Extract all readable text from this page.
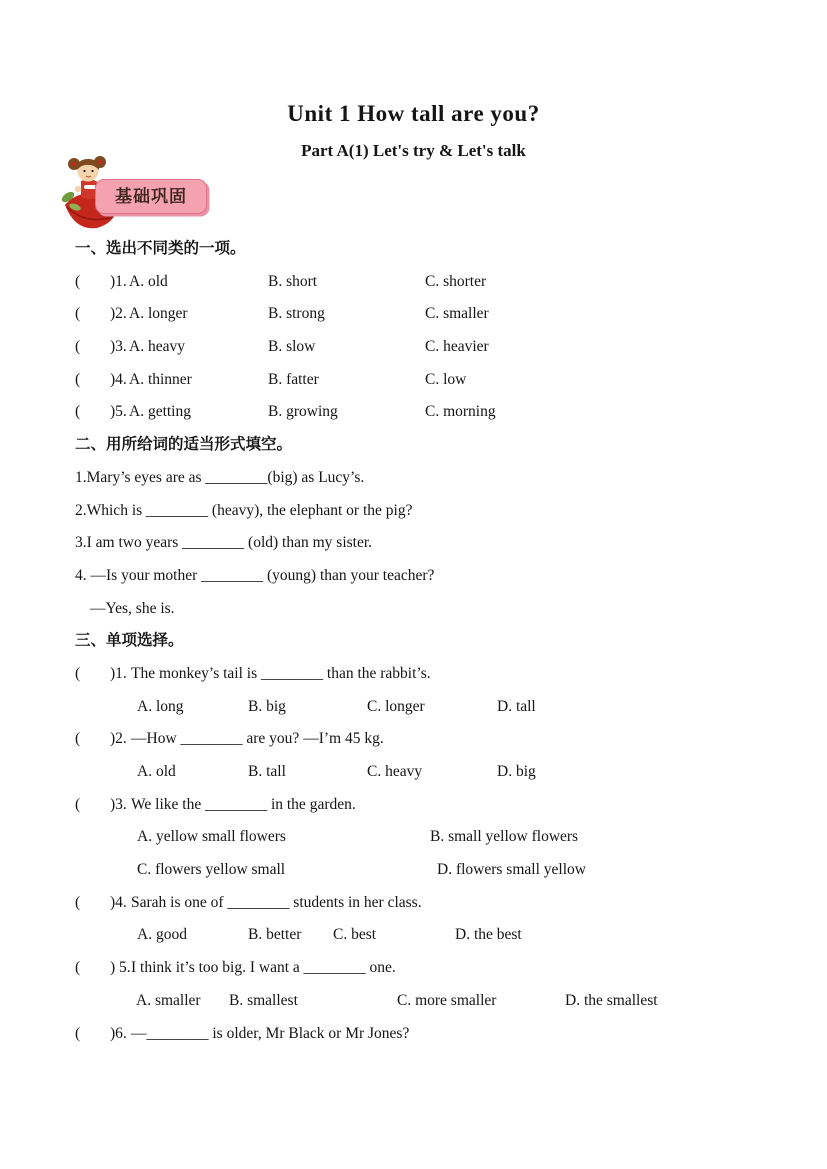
Unit 1 How tall are you?
Part A(1) Let's try & Let's talk
基础巩固
一、选出不同类的一项。
( )1. A. old	B. short	C. shorter
( )2. A. longer	B. strong	C. smaller
( )3. A. heavy	B. slow	C. heavier
( )4. A. thinner	B. fatter	C. low
( )5. A. getting	B. growing	C. morning
二、用所给词的适当形式填空。
1.Mary’s eyes are as ________(big) as Lucy’s.
2.Which is ________ (heavy), the elephant or the pig?
3.I am two years ________ (old) than my sister.
4. —Is your mother ________ (young) than your teacher?
—Yes, she is.
三、单项选择。
( )1. The monkey’s tail is ________ than the rabbit’s.
A. long	B. big	C. longer	D. tall
( )2. —How ________ are you? —I’m 45 kg.
A. old	B. tall	C. heavy	D. big
( )3. We like the ________ in the garden.
A. yellow small flowers	B. small yellow flowers
C. flowers yellow small	D. flowers small yellow
( )4. Sarah is one of ________ students in her class.
A. good	B. better C. best	D. the best
( ) 5. I think it’s too big. I want a ________ one.
A. smaller B. smallest	C. more smaller	D. the smallest
( )6. —________ is older, Mr Black or Mr Jones?
